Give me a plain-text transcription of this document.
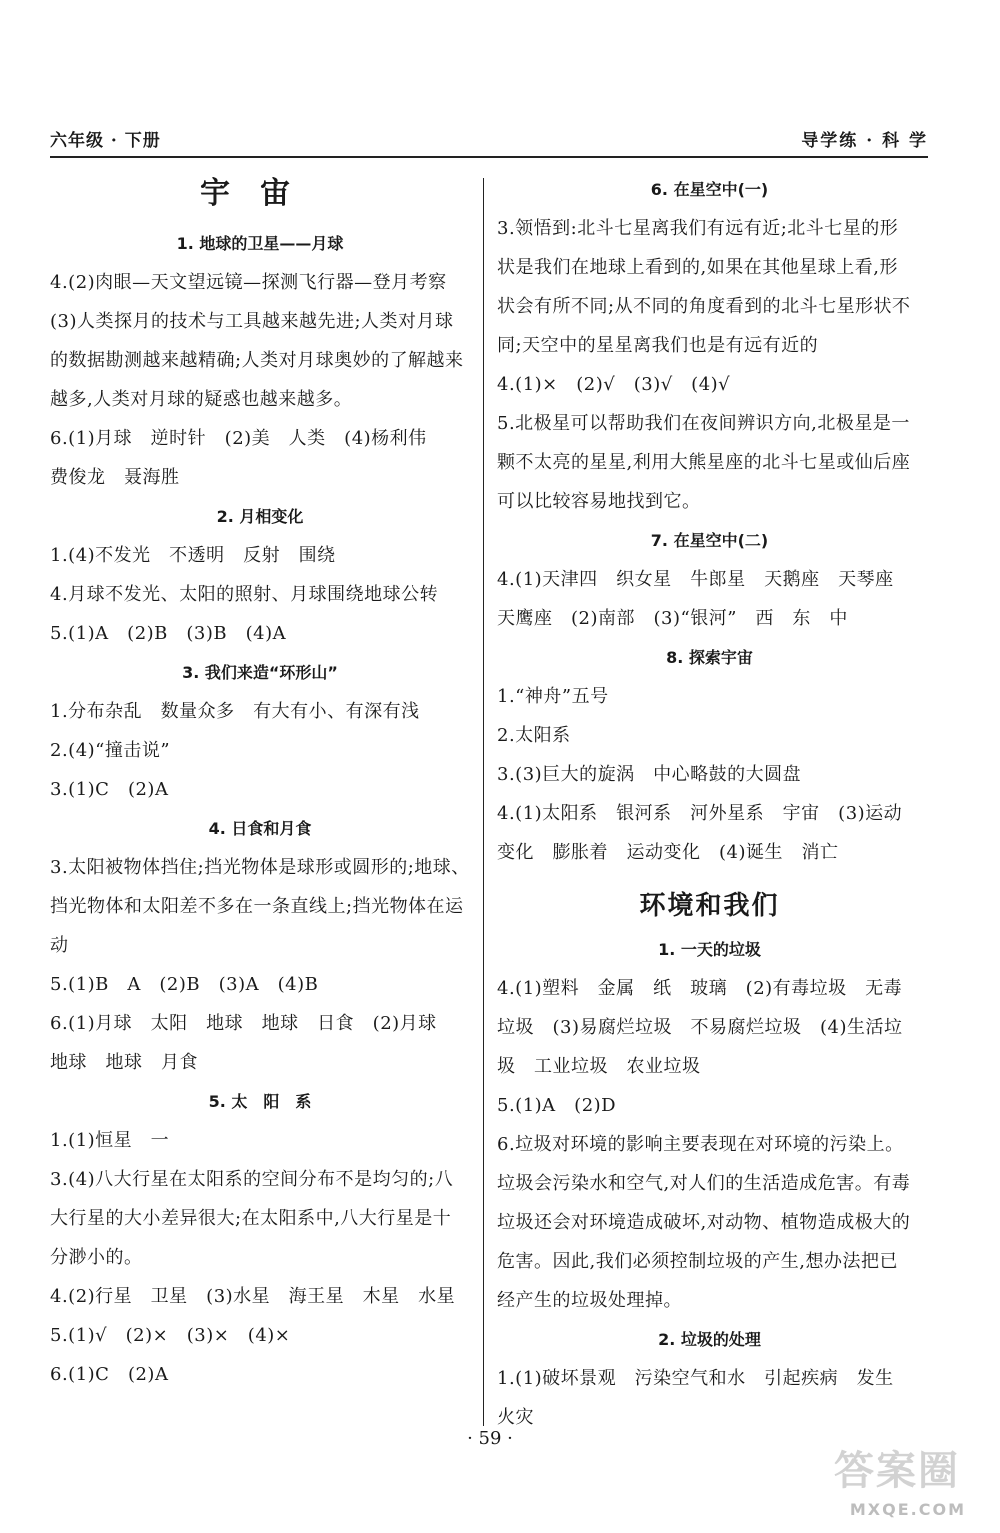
六年级 · 下册	导学练 · 科 学
宇宙
1. 地球的卫星——月球
4.(2)肉眼—天文望远镜—探测飞行器—登月考察
(3)人类探月的技术与工具越来越先进;人类对月球
的数据勘测越来越精确;人类对月球奥妙的了解越来
越多,人类对月球的疑惑也越来越多。
6.(1)月球　逆时针　(2)美　人类　(4)杨利伟
费俊龙　聂海胜
2. 月相变化
1.(4)不发光　不透明　反射　围绕
4.月球不发光、太阳的照射、月球围绕地球公转
5.(1)A　(2)B　(3)B　(4)A
3. 我们来造“环形山”
1.分布杂乱　数量众多　有大有小、有深有浅
2.(4)“撞击说”
3.(1)C　(2)A
4. 日食和月食
3.太阳被物体挡住;挡光物体是球形或圆形的;地球、
挡光物体和太阳差不多在一条直线上;挡光物体在运
动
5.(1)B　A　(2)B　(3)A　(4)B
6.(1)月球　太阳　地球　地球　日食　(2)月球
地球　地球　月食
5. 太　阳　系
1.(1)恒星　一
3.(4)八大行星在太阳系的空间分布不是均匀的;八
大行星的大小差异很大;在太阳系中,八大行星是十
分渺小的。
4.(2)行星　卫星　(3)水星　海王星　木星　水星
5.(1)√　(2)×　(3)×　(4)×
6.(1)C　(2)A
6. 在星空中(一)
3.领悟到:北斗七星离我们有远有近;北斗七星的形
状是我们在地球上看到的,如果在其他星球上看,形
状会有所不同;从不同的角度看到的北斗七星形状不
同;天空中的星星离我们也是有远有近的
4.(1)×　(2)√　(3)√　(4)√
5.北极星可以帮助我们在夜间辨识方向,北极星是一
颗不太亮的星星,利用大熊星座的北斗七星或仙后座
可以比较容易地找到它。
7. 在星空中(二)
4.(1)天津四　织女星　牛郎星　天鹅座　天琴座
天鹰座　(2)南部　(3)“银河”　西　东　中
8. 探索宇宙
1.“神舟”五号
2.太阳系
3.(3)巨大的旋涡　中心略鼓的大圆盘
4.(1)太阳系　银河系　河外星系　宇宙　(3)运动
变化　膨胀着　运动变化　(4)诞生　消亡
环境和我们
1. 一天的垃圾
4.(1)塑料　金属　纸　玻璃　(2)有毒垃圾　无毒
垃圾　(3)易腐烂垃圾　不易腐烂垃圾　(4)生活垃
圾　工业垃圾　农业垃圾
5.(1)A　(2)D
6.垃圾对环境的影响主要表现在对环境的污染上。
垃圾会污染水和空气,对人们的生活造成危害。有毒
垃圾还会对环境造成破坏,对动物、植物造成极大的
危害。因此,我们必须控制垃圾的产生,想办法把已
经产生的垃圾处理掉。
2. 垃圾的处理
1.(1)破坏景观　污染空气和水　引起疾病　发生
火灾
· 59 ·
答案圈
MXQE.COM
